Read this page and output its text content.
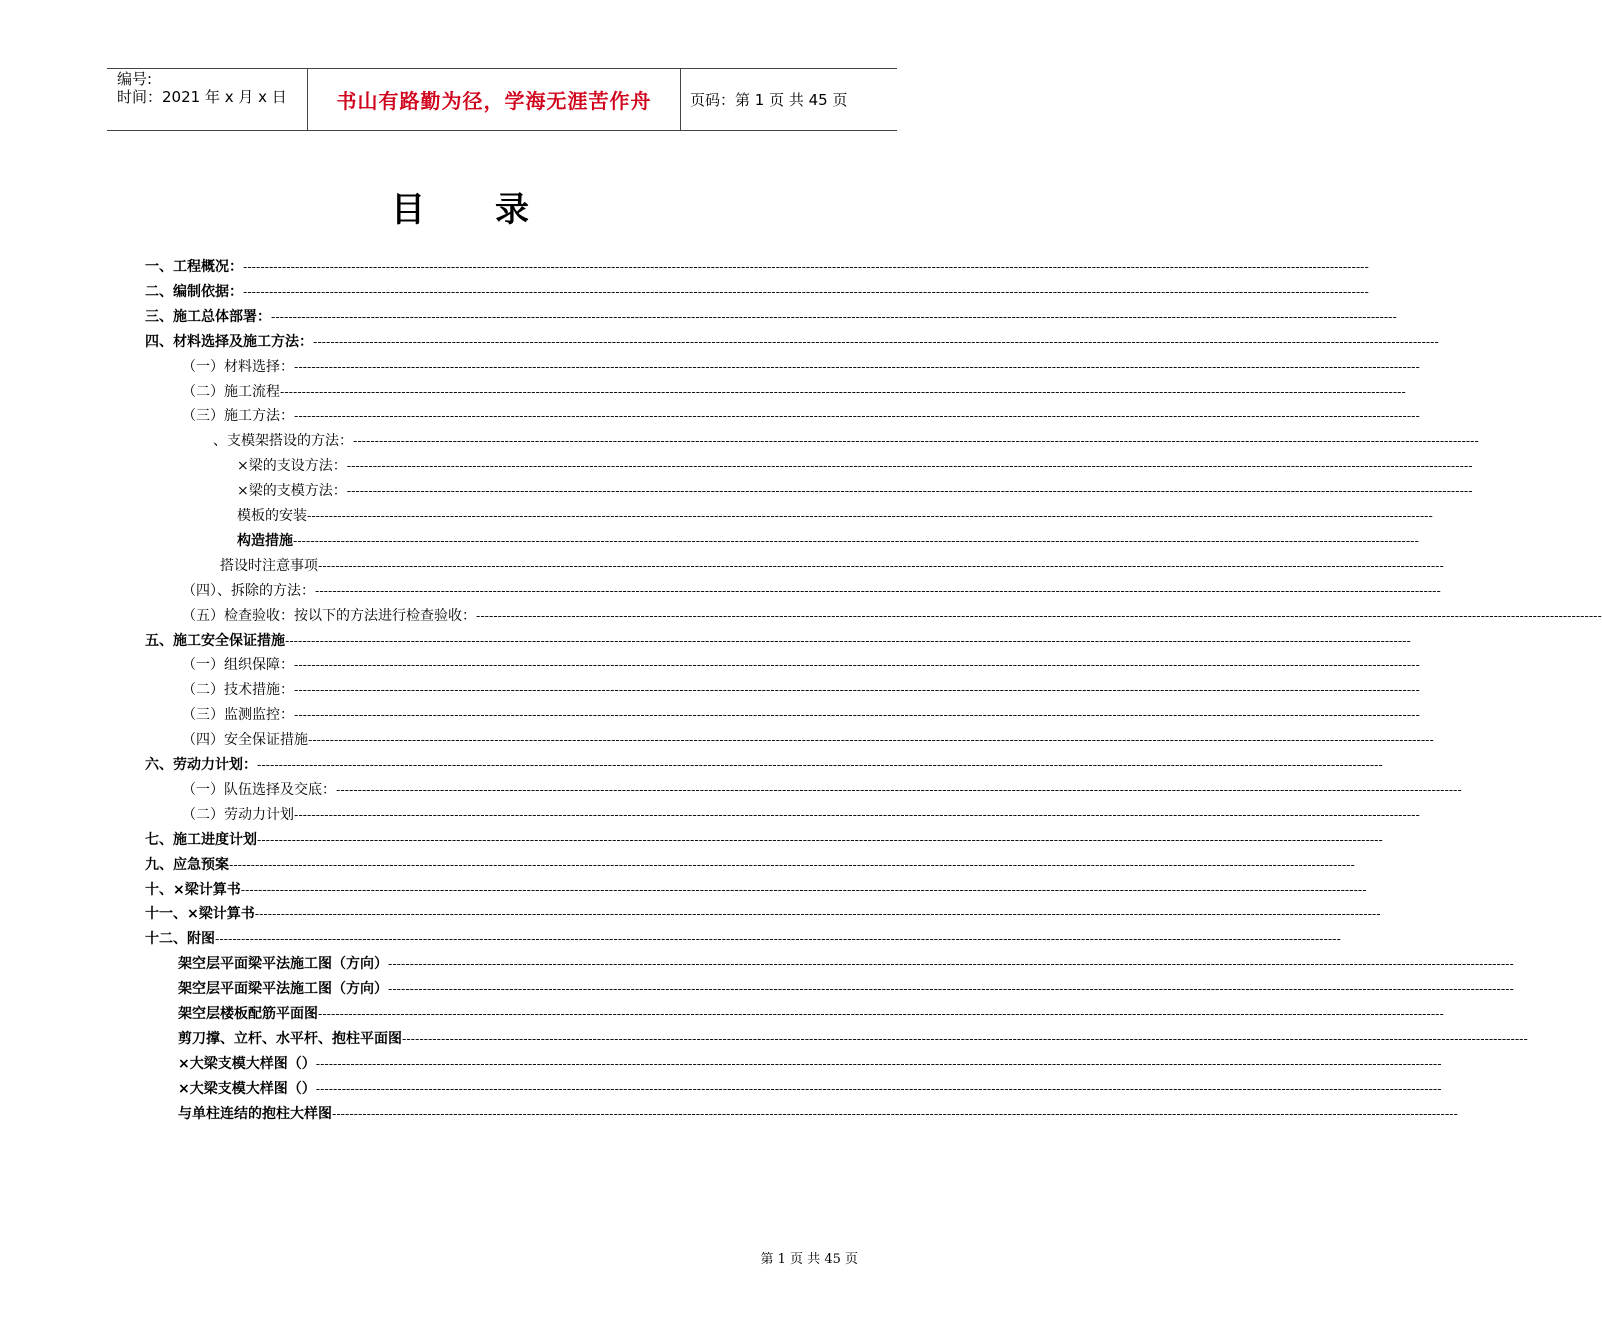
编号:
时间：2021 年 x 月 x 日	书山有路勤为径，学海无涯苦作舟	页码：第 1 页 共 45 页
目录
一、工程概况： --------------------------------------------------------------------------------------------------------------------------------------------------------------------------------------------------------------------------------------------------------------------
二、编制依据： --------------------------------------------------------------------------------------------------------------------------------------------------------------------------------------------------------------------------------------------------------------------
三、施工总体部署： --------------------------------------------------------------------------------------------------------------------------------------------------------------------------------------------------------------------------------------------------------------------
四、材料选择及施工方法： --------------------------------------------------------------------------------------------------------------------------------------------------------------------------------------------------------------------------------------------------------------------
（一）材料选择： --------------------------------------------------------------------------------------------------------------------------------------------------------------------------------------------------------------------------------------------------------------------
（二）施工流程 --------------------------------------------------------------------------------------------------------------------------------------------------------------------------------------------------------------------------------------------------------------------
（三）施工方法： --------------------------------------------------------------------------------------------------------------------------------------------------------------------------------------------------------------------------------------------------------------------
、支模架搭设的方法： --------------------------------------------------------------------------------------------------------------------------------------------------------------------------------------------------------------------------------------------------------------------
×梁的支设方法： --------------------------------------------------------------------------------------------------------------------------------------------------------------------------------------------------------------------------------------------------------------------
×梁的支模方法： --------------------------------------------------------------------------------------------------------------------------------------------------------------------------------------------------------------------------------------------------------------------
模板的安装 --------------------------------------------------------------------------------------------------------------------------------------------------------------------------------------------------------------------------------------------------------------------
构造措施 --------------------------------------------------------------------------------------------------------------------------------------------------------------------------------------------------------------------------------------------------------------------
搭设时注意事项 --------------------------------------------------------------------------------------------------------------------------------------------------------------------------------------------------------------------------------------------------------------------
（四）、拆除的方法： --------------------------------------------------------------------------------------------------------------------------------------------------------------------------------------------------------------------------------------------------------------------
（五）检查验收：按以下的方法进行检查验收： --------------------------------------------------------------------------------------------------------------------------------------------------------------------------------------------------------------------------------------------------------------------
五、施工安全保证措施 --------------------------------------------------------------------------------------------------------------------------------------------------------------------------------------------------------------------------------------------------------------------
（一）组织保障： --------------------------------------------------------------------------------------------------------------------------------------------------------------------------------------------------------------------------------------------------------------------
（二）技术措施： --------------------------------------------------------------------------------------------------------------------------------------------------------------------------------------------------------------------------------------------------------------------
（三）监测监控： --------------------------------------------------------------------------------------------------------------------------------------------------------------------------------------------------------------------------------------------------------------------
（四）安全保证措施 --------------------------------------------------------------------------------------------------------------------------------------------------------------------------------------------------------------------------------------------------------------------
六、劳动力计划： --------------------------------------------------------------------------------------------------------------------------------------------------------------------------------------------------------------------------------------------------------------------
（一）队伍选择及交底： --------------------------------------------------------------------------------------------------------------------------------------------------------------------------------------------------------------------------------------------------------------------
（二）劳动力计划 --------------------------------------------------------------------------------------------------------------------------------------------------------------------------------------------------------------------------------------------------------------------
七、施工进度计划 --------------------------------------------------------------------------------------------------------------------------------------------------------------------------------------------------------------------------------------------------------------------
九、应急预案 --------------------------------------------------------------------------------------------------------------------------------------------------------------------------------------------------------------------------------------------------------------------
十、×梁计算书 --------------------------------------------------------------------------------------------------------------------------------------------------------------------------------------------------------------------------------------------------------------------
十一、×梁计算书 --------------------------------------------------------------------------------------------------------------------------------------------------------------------------------------------------------------------------------------------------------------------
十二、附图 --------------------------------------------------------------------------------------------------------------------------------------------------------------------------------------------------------------------------------------------------------------------
架空层平面梁平法施工图（方向） --------------------------------------------------------------------------------------------------------------------------------------------------------------------------------------------------------------------------------------------------------------------
架空层平面梁平法施工图（方向） --------------------------------------------------------------------------------------------------------------------------------------------------------------------------------------------------------------------------------------------------------------------
架空层楼板配筋平面图 --------------------------------------------------------------------------------------------------------------------------------------------------------------------------------------------------------------------------------------------------------------------
剪刀撑、立杆、水平杆、抱柱平面图 --------------------------------------------------------------------------------------------------------------------------------------------------------------------------------------------------------------------------------------------------------------------
×大梁支模大样图（） --------------------------------------------------------------------------------------------------------------------------------------------------------------------------------------------------------------------------------------------------------------------
×大梁支模大样图（） --------------------------------------------------------------------------------------------------------------------------------------------------------------------------------------------------------------------------------------------------------------------
与单柱连结的抱柱大样图 --------------------------------------------------------------------------------------------------------------------------------------------------------------------------------------------------------------------------------------------------------------------
第 1 页 共 45 页
